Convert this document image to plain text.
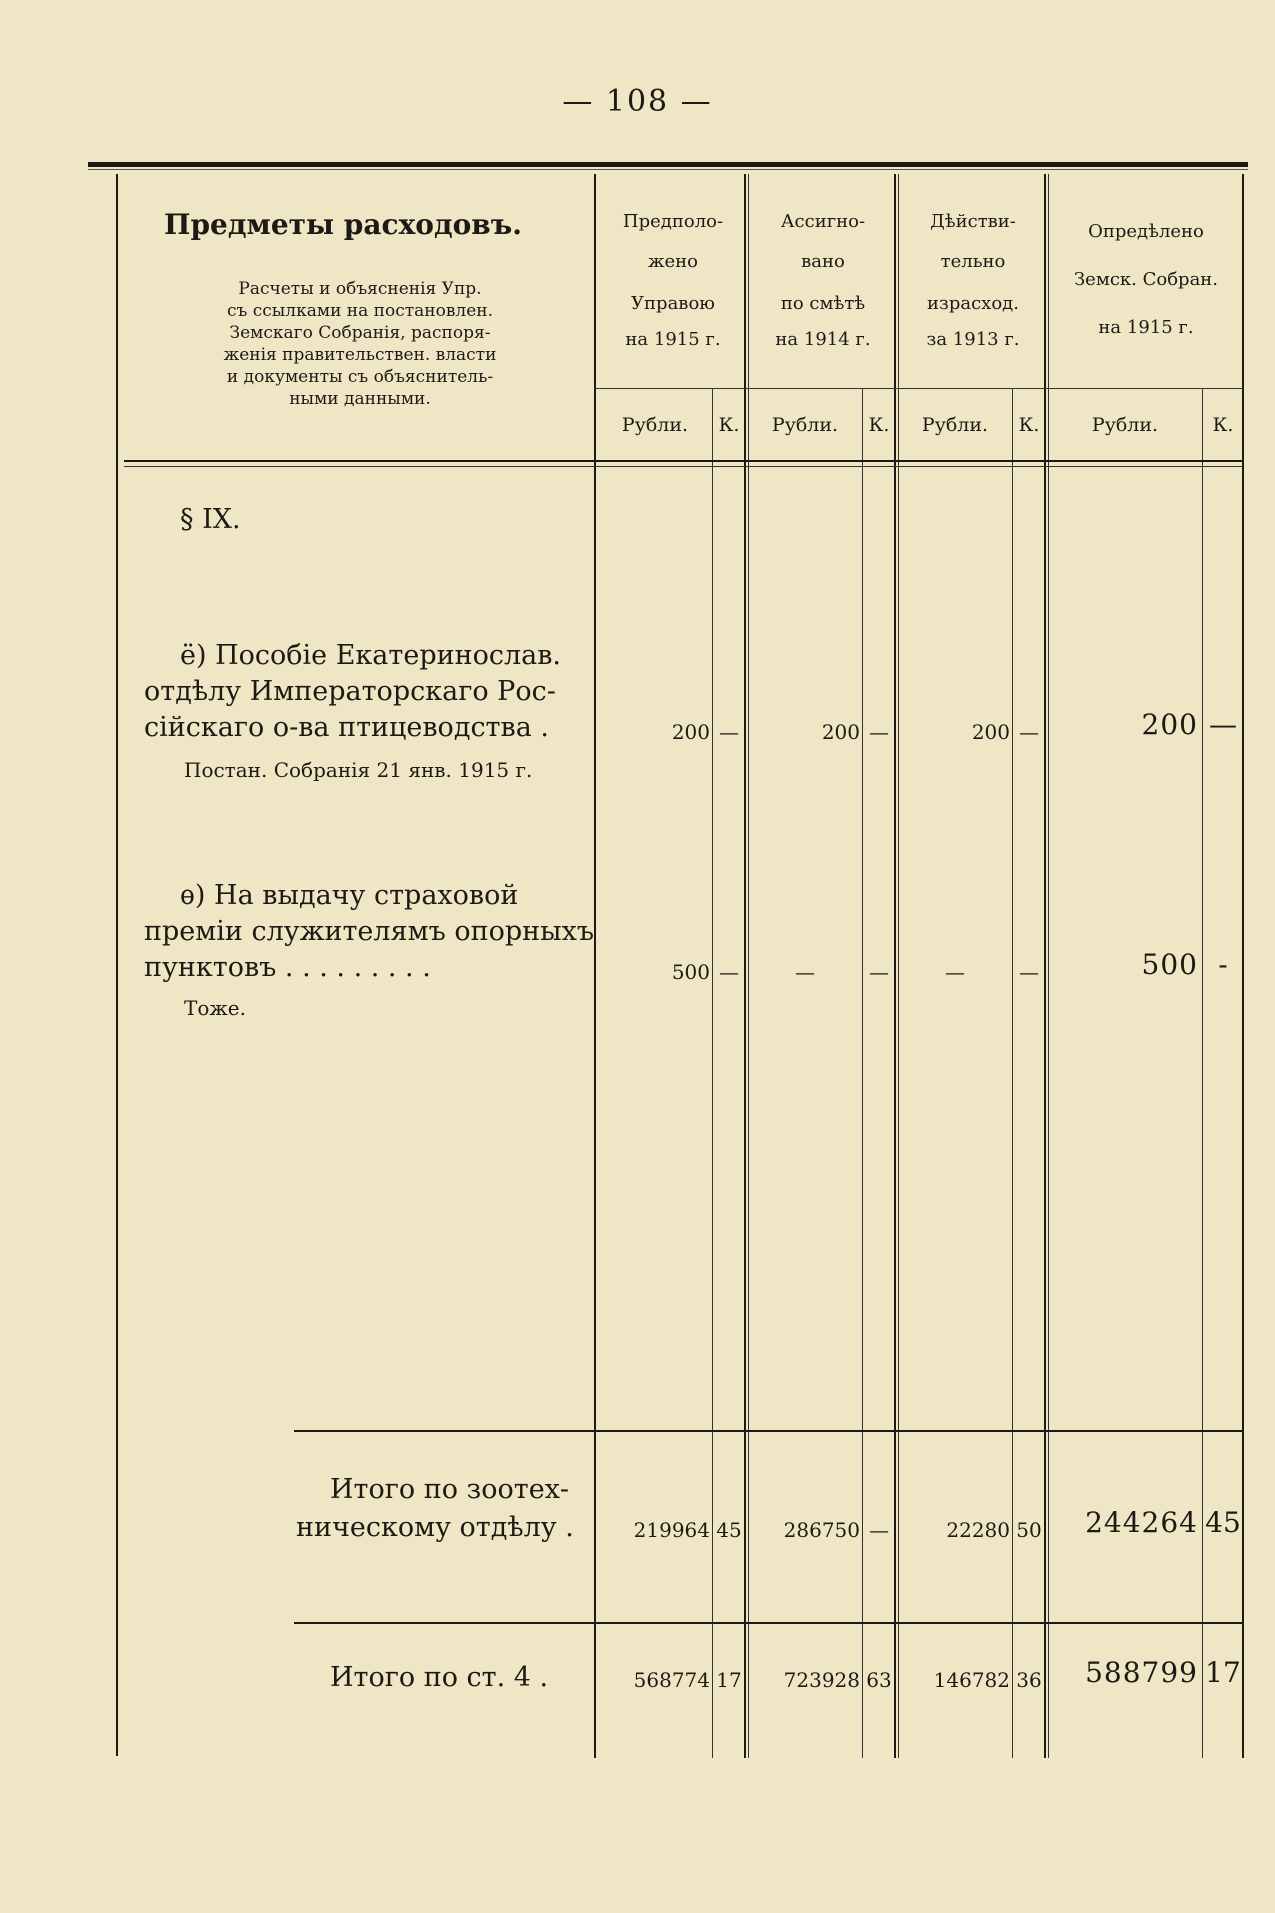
— 108 —
Предметы расходовъ.
Расчеты и объясненія Упр.
съ ссылками на постановлен.
Земскаго Собранія, распоря-
женія правительствен. власти
и документы съ объяснитель-
ными данными.
Предполо-
жено
Управою
на 1915 г.
Ассигно-
вано
по смѣтѣ
на 1914 г.
Дѣйстви-
тельно
израсход.
за 1913 г.
Опредѣлено
Земск. Собран.
на 1915 г.
Рубли.	К.	Рубли.	К.	Рубли.	К.	Рубли.	К.
§ IX.
ё) Пособіе Екатеринослав.
отдѣлу Императорскаго Рос-
сійскаго о-ва птицеводства .
Постан. Собранія 21 янв. 1915 г.
200 —	200 —	200 —	200 —
ѳ) На выдачу страховой
преміи служителямъ опорныхъ
пунктовъ . . . . . . . . .
Тоже.
500 —	—	—	—	—	500 -
Итого по зоотех-
ническому отдѣлу .	219964 45	286750 —	22280 50	244264 45
Итого по ст. 4 .	568774 17	723928 63	146782 36	588799 17
